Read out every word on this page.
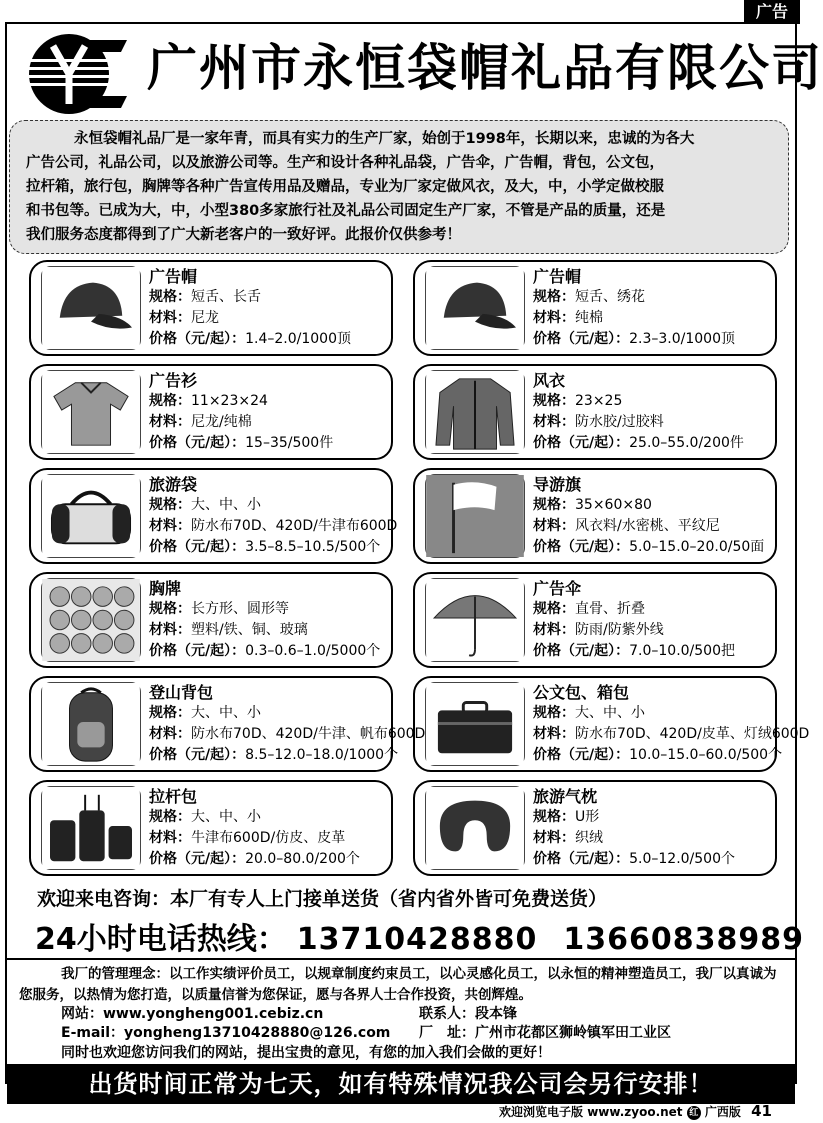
广告
广州市永恒袋帽礼品有限公司
永恒袋帽礼品厂是一家年青，而具有实力的生产厂家，始创于1998年，长期以来，忠诚的为各大
广告公司，礼品公司，以及旅游公司等。生产和设计各种礼品袋，广告伞，广告帽，背包，公文包，
拉杆箱，旅行包，胸牌等各种广告宣传用品及赠品，专业为厂家定做风衣，及大，中，小学定做校服
和书包等。已成为大，中，小型380多家旅行社及礼品公司固定生产厂家，不管是产品的质量，还是
我们服务态度都得到了广大新老客户的一致好评。此报价仅供参考！
广告帽
规格：短舌、长舌
材料：尼龙
价格（元/起）：1.4–2.0/1000顶
广告帽
规格：短舌、绣花
材料：纯棉
价格（元/起）：2.3–3.0/1000顶
广告衫
规格：11×23×24
材料：尼龙/纯棉
价格（元/起）：15–35/500件
风衣
规格：23×25
材料：防水胶/过胶料
价格（元/起）：25.0–55.0/200件
旅游袋
规格：大、中、小
材料：防水布70D、420D/牛津布600D
价格（元/起）：3.5–8.5–10.5/500个
导游旗
规格：35×60×80
材料：风衣料/水密桃、平纹尼
价格（元/起）：5.0–15.0–20.0/50面
胸牌
规格：长方形、圆形等
材料：塑料/铁、铜、玻璃
价格（元/起）：0.3–0.6–1.0/5000个
广告伞
规格：直骨、折叠
材料：防雨/防紫外线
价格（元/起）：7.0–10.0/500把
登山背包
规格：大、中、小
材料：防水布70D、420D/牛津、帆布600D
价格（元/起）：8.5–12.0–18.0/1000个
公文包、箱包
规格：大、中、小
材料：防水布70D、420D/皮革、灯绒600D
价格（元/起）：10.0–15.0–60.0/500个
拉杆包
规格：大、中、小
材料：牛津布600D/仿皮、皮革
价格（元/起）：20.0–80.0/200个
旅游气枕
规格：U形
材料：织绒
价格（元/起）：5.0–12.0/500个
欢迎来电咨询：本厂有专人上门接单送货（省内省外皆可免费送货）
24小时电话热线： 13710428880 13660838989
我厂的管理理念：以工作实绩评价员工，以规章制度约束员工，以心灵感化员工，以永恒的精神塑造员工，我厂以真诚为您服务，以热情为您打造，以质量信誉为您保证，愿与各界人士合作投资，共创辉煌。
网站：www.yongheng001.cebiz.cn	联系人：段本锋
E-mail：yongheng13710428880@126.com 厂　址：广州市花都区狮岭镇军田工业区
同时也欢迎您访问我们的网站，提出宝贵的意见，有您的加入我们会做的更好！
出货时间正常为七天，如有特殊情况我公司会另行安排！
欢迎浏览电子版 www.zyoo.net 红 广西版 41
